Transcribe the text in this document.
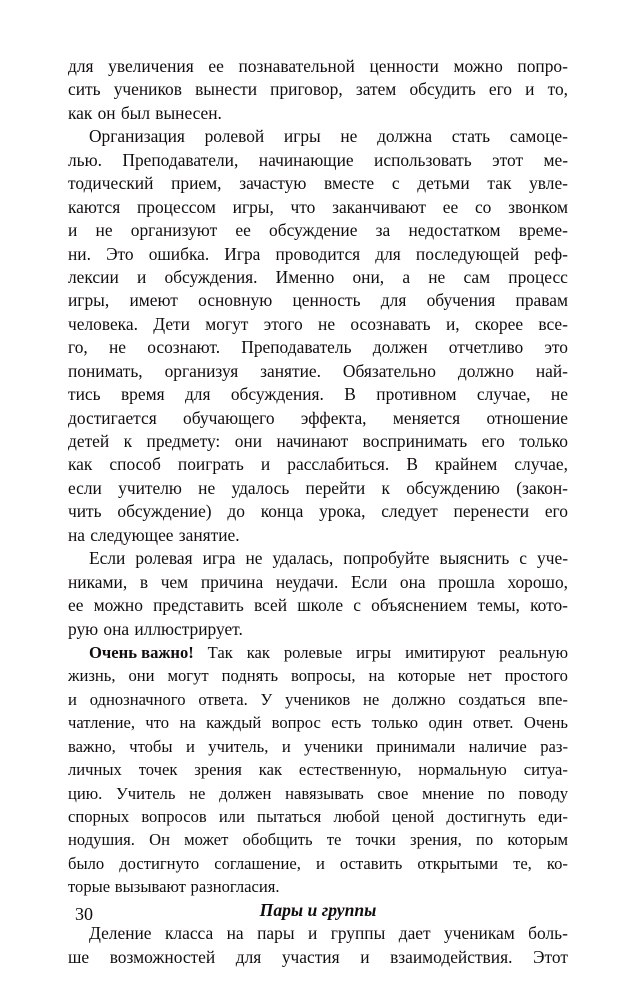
для увеличения ее познавательной ценности можно попро-
сить учеников вынести приговор, затем обсудить его и то,
как он был вынесен.
Организация ролевой игры не должна стать самоце-
лью. Преподаватели, начинающие использовать этот ме-
тодический прием, зачастую вместе с детьми так увле-
каются процессом игры, что заканчивают ее со звонком
и не организуют ее обсуждение за недостатком време-
ни. Это ошибка. Игра проводится для последующей реф-
лексии и обсуждения. Именно они, а не сам процесс
игры, имеют основную ценность для обучения правам
человека. Дети могут этого не осознавать и, скорее все-
го, не осознают. Преподаватель должен отчетливо это
понимать, организуя занятие. Обязательно должно най-
тись время для обсуждения. В противном случае, не
достигается обучающего эффекта, меняется отношение
детей к предмету: они начинают воспринимать его только
как способ поиграть и расслабиться. В крайнем случае,
если учителю не удалось перейти к обсуждению (закон-
чить обсуждение) до конца урока, следует перенести его
на следующее занятие.
Если ролевая игра не удалась, попробуйте выяснить с уче-
никами, в чем причина неудачи. Если она прошла хорошо,
ее можно представить всей школе с объяснением темы, кото-
рую она иллюстрирует.
Очень важно! Так как ролевые игры имитируют реальную
жизнь, они могут поднять вопросы, на которые нет простого
и однозначного ответа. У учеников не должно создаться впе-
чатление, что на каждый вопрос есть только один ответ. Очень
важно, чтобы и учитель, и ученики принимали наличие раз-
личных точек зрения как естественную, нормальную ситуа-
цию. Учитель не должен навязывать свое мнение по поводу
спорных вопросов или пытаться любой ценой достигнуть еди-
нодушия. Он может обобщить те точки зрения, по которым
было достигнуто соглашение, и оставить открытыми те, ко-
торые вызывают разногласия.
Пары и группы
Деление класса на пары и группы дает ученикам боль-
ше возможностей для участия и взаимодействия. Этот
30
